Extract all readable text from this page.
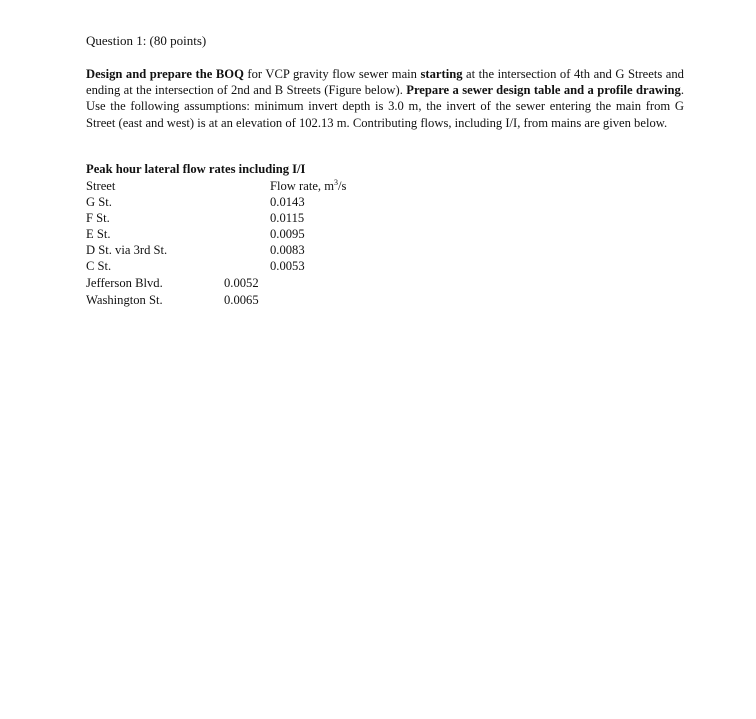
Question 1: (80 points)
Design and prepare the BOQ for VCP gravity flow sewer main starting at the intersection of 4th and G Streets and ending at the intersection of 2nd and B Streets (Figure below). Prepare a sewer design table and a profile drawing. Use the following assumptions: minimum invert depth is 3.0 m, the invert of the sewer entering the main from G Street (east and west) is at an elevation of 102.13 m. Contributing flows, including I/I, from mains are given below.
Peak hour lateral flow rates including I/I
Street	Flow rate, $m^3/s$
G St.	0.0143
F St.	0.0115
E St.	0.0095
D St. via 3rd St.	0.0083
C St.	0.0053
Jefferson Blvd.	0.0052
Washington St.	0.0065
